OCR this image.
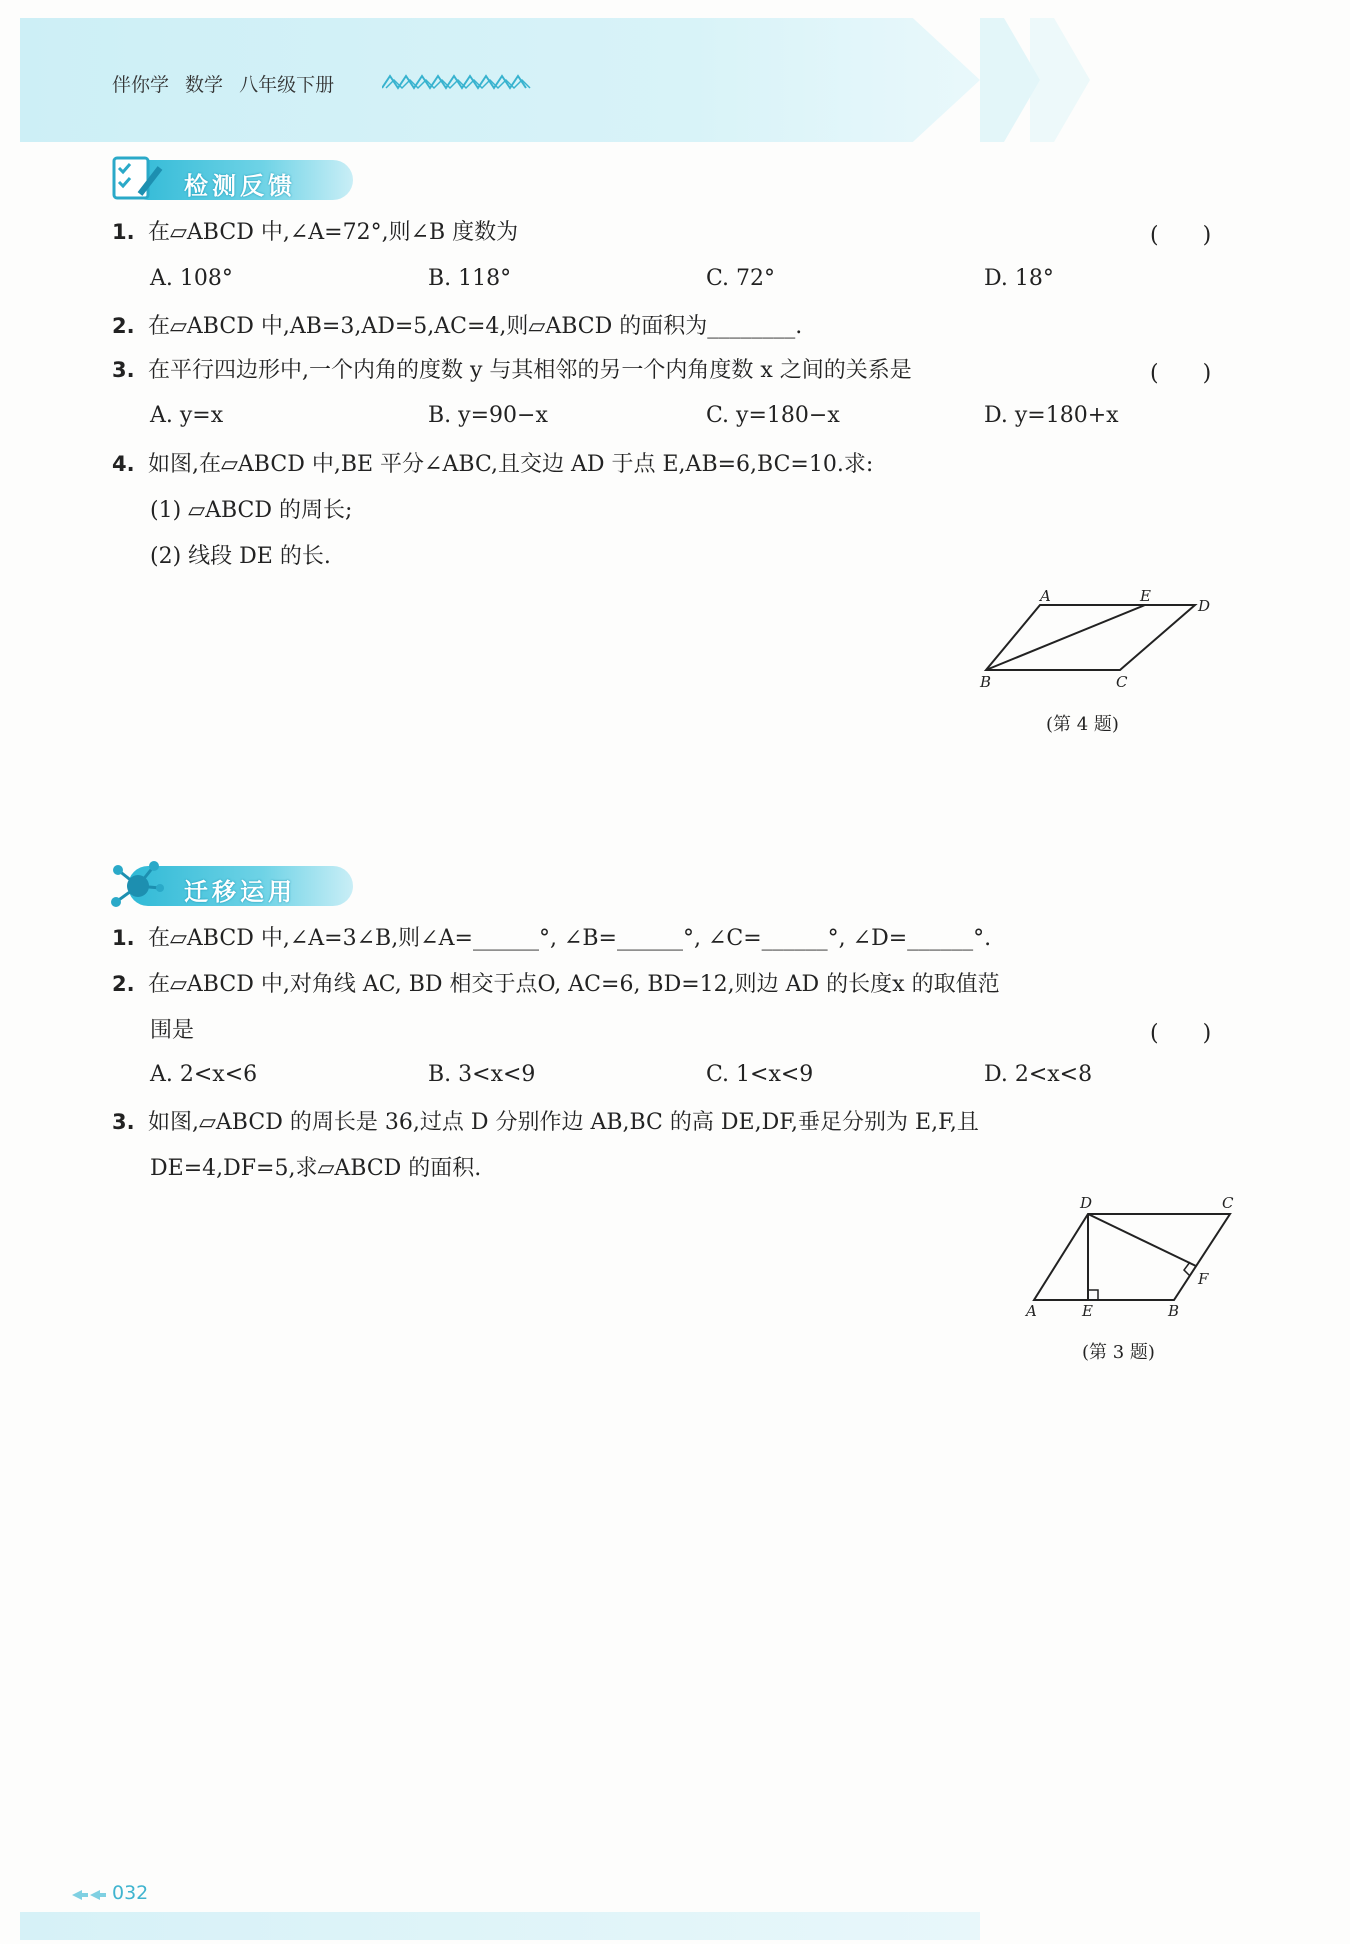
伴你学 数学 八年级下册
检测反馈
1. 在▱ABCD 中,∠A=72°,则∠B 度数为	(　　)
A. 108°	B. 118°	C. 72°	D. 18°
2. 在▱ABCD 中,AB=3,AD=5,AC=4,则▱ABCD 的面积为________.
3. 在平行四边形中,一个内角的度数 y 与其相邻的另一个内角度数 x 之间的关系是	(　　)
A. y=x	B. y=90−x	C. y=180−x	D. y=180+x
4. 如图,在▱ABCD 中,BE 平分∠ABC,且交边 AD 于点 E,AB=6,BC=10.求:
(1) ▱ABCD 的周长;
(2) 线段 DE 的长.
A	E
D
B	C
(第 4 题)
迁移运用
1. 在▱ABCD 中,∠A=3∠B,则∠A=______°, ∠B=______°, ∠C=______°, ∠D=______°.
2. 在▱ABCD 中,对角线 AC, BD 相交于点O, AC=6, BD=12,则边 AD 的长度x 的取值范
围是	(　　)
A. 2<x<6	B. 3<x<9	C. 1<x<9	D. 2<x<8
3. 如图,▱ABCD 的周长是 36,过点 D 分别作边 AB,BC 的高 DE,DF,垂足分别为 E,F,且
DE=4,DF=5,求▱ABCD 的面积.
D	C
F
A	E	B
(第 3 题)
032
